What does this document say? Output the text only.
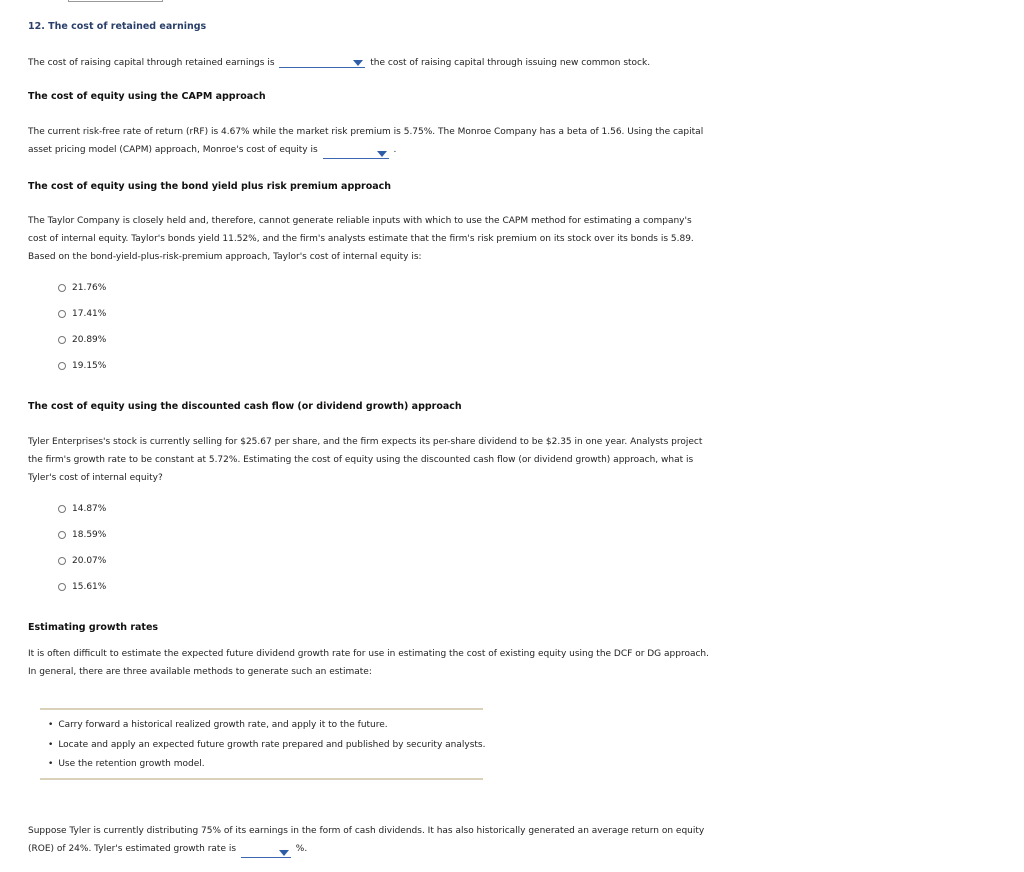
12. The cost of retained earnings
The cost of raising capital through retained earnings is	the cost of raising capital through issuing new common stock.
The cost of equity using the CAPM approach
The current risk-free rate of return (rRF) is 4.67% while the market risk premium is 5.75%. The Monroe Company has a beta of 1.56. Using the capital
asset pricing model (CAPM) approach, Monroe's cost of equity is	.
The cost of equity using the bond yield plus risk premium approach
The Taylor Company is closely held and, therefore, cannot generate reliable inputs with which to use the CAPM method for estimating a company's
cost of internal equity. Taylor's bonds yield 11.52%, and the firm's analysts estimate that the firm's risk premium on its stock over its bonds is 5.89.
Based on the bond-yield-plus-risk-premium approach, Taylor's cost of internal equity is:
21.76%
17.41%
20.89%
19.15%
The cost of equity using the discounted cash flow (or dividend growth) approach
Tyler Enterprises's stock is currently selling for $25.67 per share, and the firm expects its per-share dividend to be $2.35 in one year. Analysts project
the firm's growth rate to be constant at 5.72%. Estimating the cost of equity using the discounted cash flow (or dividend growth) approach, what is
Tyler's cost of internal equity?
14.87%
18.59%
20.07%
15.61%
Estimating growth rates
It is often difficult to estimate the expected future dividend growth rate for use in estimating the cost of existing equity using the DCF or DG approach.
In general, there are three available methods to generate such an estimate:
• Carry forward a historical realized growth rate, and apply it to the future.
• Locate and apply an expected future growth rate prepared and published by security analysts.
• Use the retention growth model.
Suppose Tyler is currently distributing 75% of its earnings in the form of cash dividends. It has also historically generated an average return on equity
(ROE) of 24%. Tyler's estimated growth rate is	%.
